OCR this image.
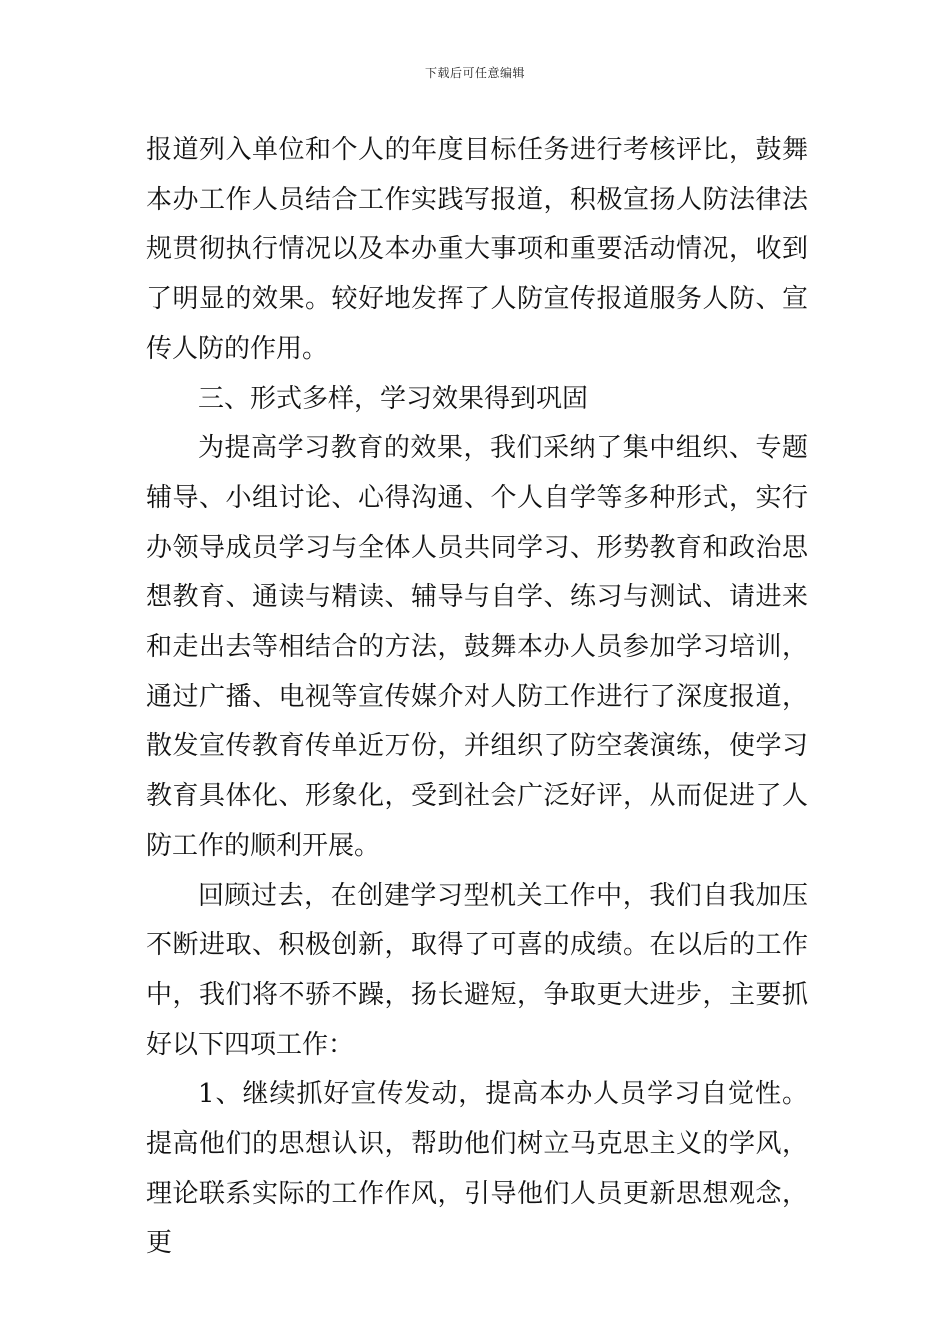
下载后可任意编辑

报道列入单位和个人的年度目标任务进行考核评比，鼓舞本办工作人员结合工作实践写报道，积极宣扬人防法律法规贯彻执行情况以及本办重大事项和重要活动情况，收到了明显的效果。较好地发挥了人防宣传报道服务人防、宣传人防的作用。

三、形式多样，学习效果得到巩固

为提高学习教育的效果，我们采纳了集中组织、专题辅导、小组讨论、心得沟通、个人自学等多种形式，实行办领导成员学习与全体人员共同学习、形势教育和政治思想教育、通读与精读、辅导与自学、练习与测试、请进来和走出去等相结合的方法，鼓舞本办人员参加学习培训，通过广播、电视等宣传媒介对人防工作进行了深度报道，散发宣传教育传单近万份，并组织了防空袭演练，使学习教育具体化、形象化，受到社会广泛好评，从而促进了人防工作的顺利开展。

回顾过去，在创建学习型机关工作中，我们自我加压不断进取、积极创新，取得了可喜的成绩。在以后的工作中，我们将不骄不躁，扬长避短，争取更大进步，主要抓好以下四项工作：

1、继续抓好宣传发动，提高本办人员学习自觉性。提高他们的思想认识，帮助他们树立马克思主义的学风，理论联系实际的工作作风，引导他们人员更新思想观念，更
